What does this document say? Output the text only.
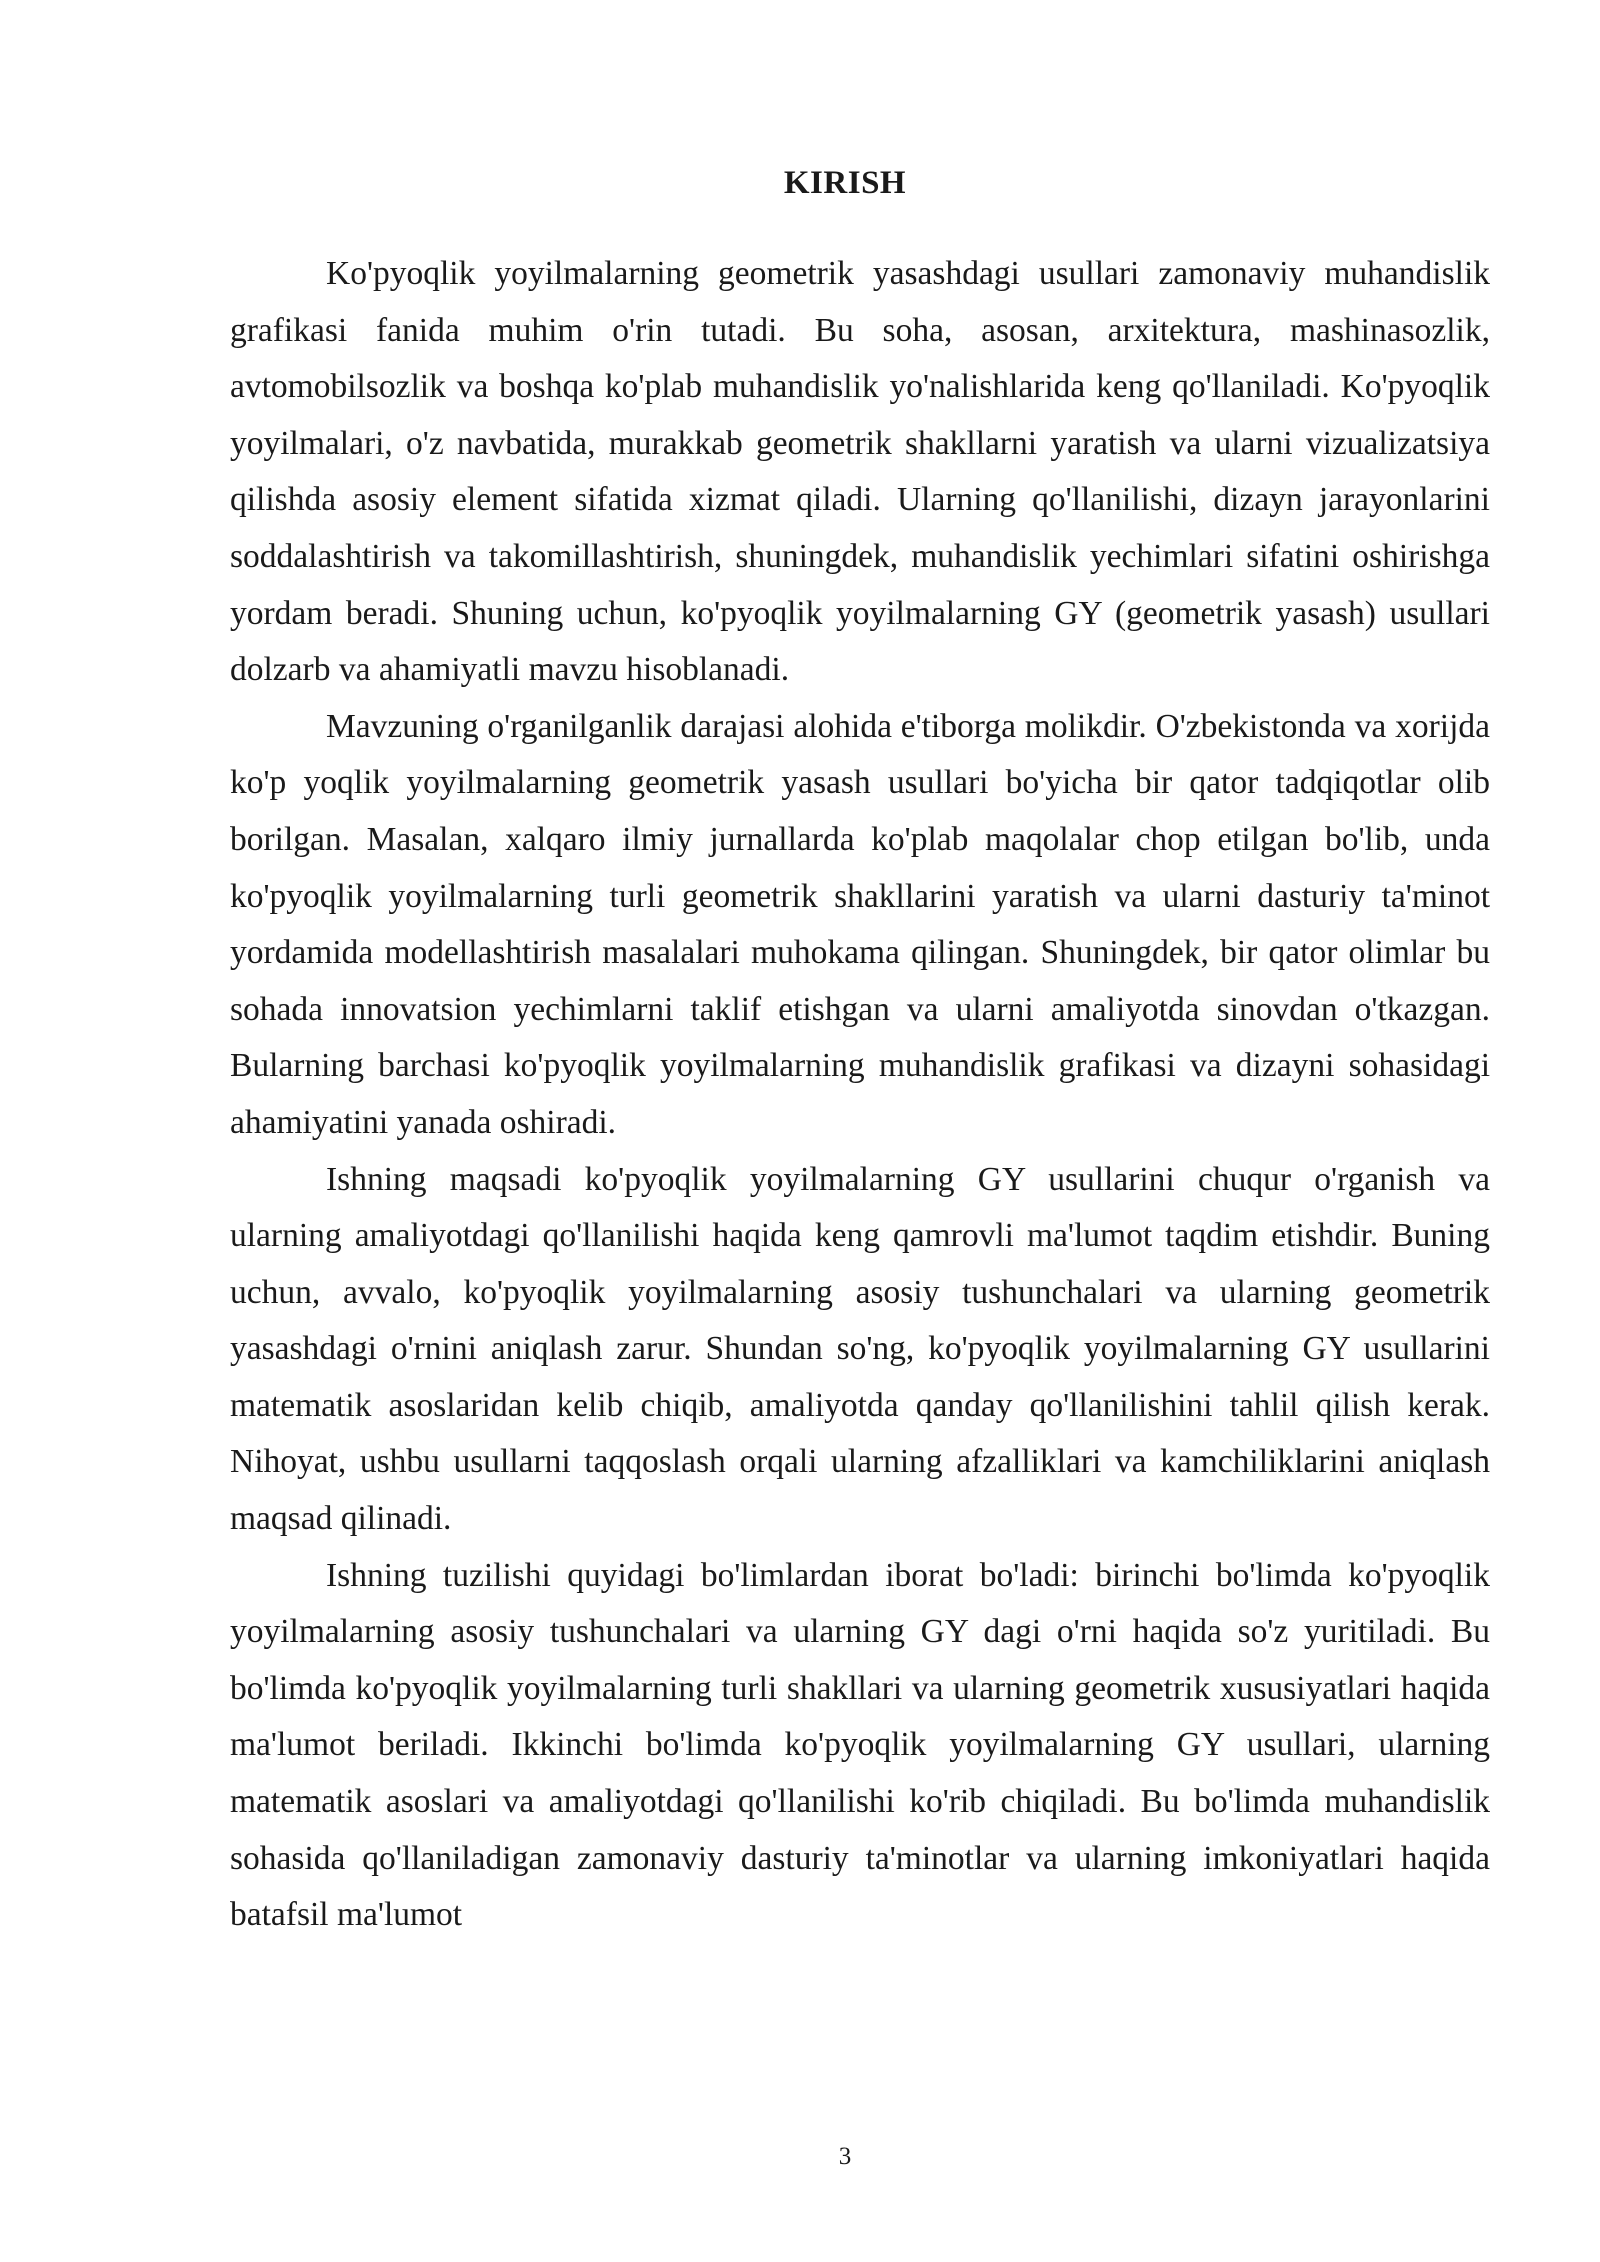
KIRISH

Ko'pyoqlik yoyilmalarning geometrik yasashdagi usullari zamonaviy muhandislik grafikasi fanida muhim o'rin tutadi. Bu soha, asosan, arxitektura, mashinasozlik, avtomobilsozlik va boshqa ko'plab muhandislik yo'nalishlarida keng qo'llaniladi. Ko'pyoqlik yoyilmalari, o'z navbatida, murakkab geometrik shakllarni yaratish va ularni vizualizatsiya qilishda asosiy element sifatida xizmat qiladi. Ularning qo'llanilishi, dizayn jarayonlarini soddalashtirish va takomillashtirish, shuningdek, muhandislik yechimlari sifatini oshirishga yordam beradi. Shuning uchun, ko'pyoqlik yoyilmalarning GY (geometrik yasash) usullari dolzarb va ahamiyatli mavzu hisoblanadi.

Mavzuning o'rganilganlik darajasi alohida e'tiborga molikdir. O'zbekistonda va xorijda ko'p yoqlik yoyilmalarning geometrik yasash usullari bo'yicha bir qator tadqiqotlar olib borilgan. Masalan, xalqaro ilmiy jurnallarda ko'plab maqolalar chop etilgan bo'lib, unda ko'pyoqlik yoyilmalarning turli geometrik shakllarini yaratish va ularni dasturiy ta'minot yordamida modellashtirish masalalari muhokama qilingan. Shuningdek, bir qator olimlar bu sohada innovatsion yechimlarni taklif etishgan va ularni amaliyotda sinovdan o'tkazgan. Bularning barchasi ko'pyoqlik yoyilmalarning muhandislik grafikasi va dizayni sohasidagi ahamiyatini yanada oshiradi.

Ishning maqsadi ko'pyoqlik yoyilmalarning GY usullarini chuqur o'rganish va ularning amaliyotdagi qo'llanilishi haqida keng qamrovli ma'lumot taqdim etishdir. Buning uchun, avvalo, ko'pyoqlik yoyilmalarning asosiy tushunchalari va ularning geometrik yasashdagi o'rnini aniqlash zarur. Shundan so'ng, ko'pyoqlik yoyilmalarning GY usullarini matematik asoslaridan kelib chiqib, amaliyotda qanday qo'llanilishini tahlil qilish kerak. Nihoyat, ushbu usullarni taqqoslash orqali ularning afzalliklari va kamchiliklarini aniqlash maqsad qilinadi.

Ishning tuzilishi quyidagi bo'limlardan iborat bo'ladi: birinchi bo'limda ko'pyoqlik yoyilmalarning asosiy tushunchalari va ularning GY dagi o'rni haqida so'z yuritiladi. Bu bo'limda ko'pyoqlik yoyilmalarning turli shakllari va ularning geometrik xususiyatlari haqida ma'lumot beriladi. Ikkinchi bo'limda ko'pyoqlik yoyilmalarning GY usullari, ularning matematik asoslari va amaliyotdagi qo'llanilishi ko'rib chiqiladi. Bu bo'limda muhandislik sohasida qo'llaniladigan zamonaviy dasturiy ta'minotlar va ularning imkoniyatlari haqida batafsil ma'lumot

3
